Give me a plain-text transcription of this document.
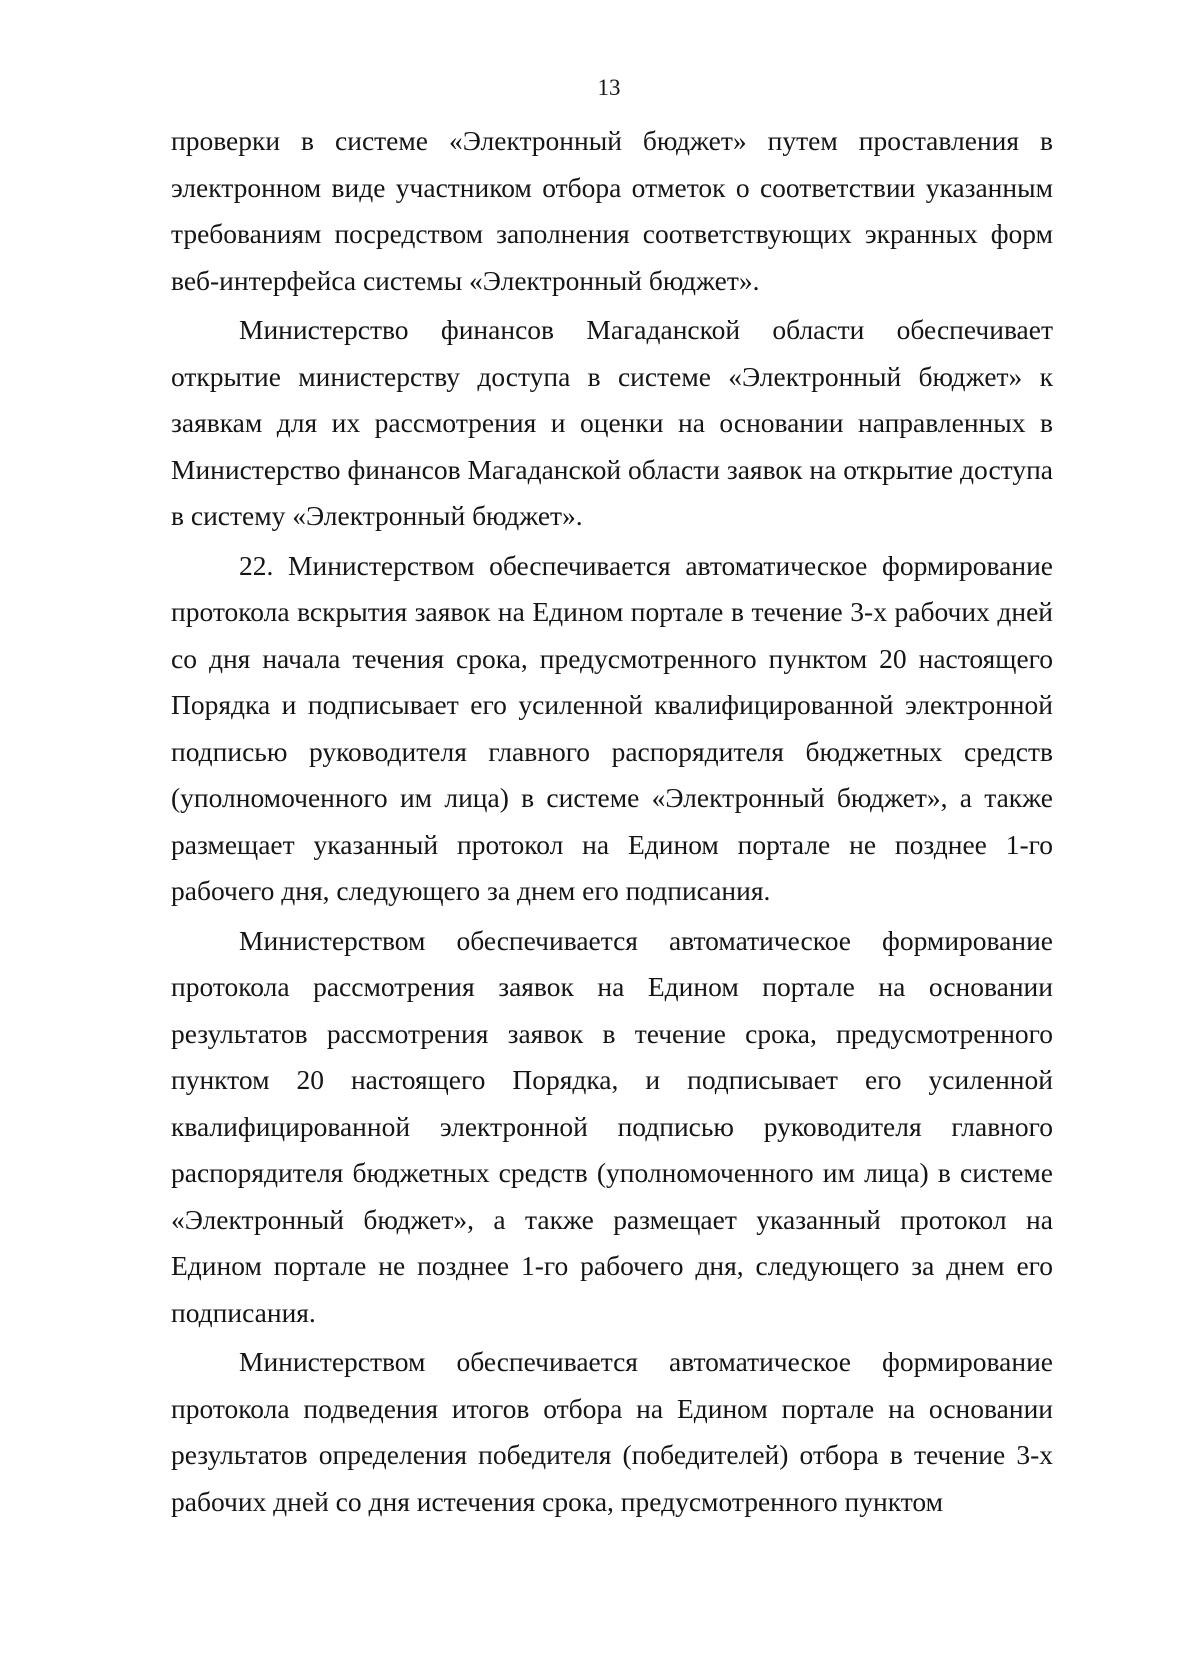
13

проверки в системе «Электронный бюджет» путем проставления в электронном виде участником отбора отметок о соответствии указанным требованиям посредством заполнения соответствующих экранных форм веб-интерфейса системы «Электронный бюджет».

Министерство финансов Магаданской области обеспечивает открытие министерству доступа в системе «Электронный бюджет» к заявкам для их рассмотрения и оценки на основании направленных в Министерство финансов Магаданской области заявок на открытие доступа в систему «Электронный бюджет».

22. Министерством обеспечивается автоматическое формирование протокола вскрытия заявок на Едином портале в течение 3-х рабочих дней со дня начала течения срока, предусмотренного пунктом 20 настоящего Порядка и подписывает его усиленной квалифицированной электронной подписью руководителя главного распорядителя бюджетных средств (уполномоченного им лица) в системе «Электронный бюджет», а также размещает указанный протокол на Едином портале не позднее 1-го рабочего дня, следующего за днем его подписания.

Министерством обеспечивается автоматическое формирование протокола рассмотрения заявок на Едином портале на основании результатов рассмотрения заявок в течение срока, предусмотренного пунктом 20 настоящего Порядка, и подписывает его усиленной квалифицированной электронной подписью руководителя главного распорядителя бюджетных средств (уполномоченного им лица) в системе «Электронный бюджет», а также размещает указанный протокол на Едином портале не позднее 1-го рабочего дня, следующего за днем его подписания.

Министерством обеспечивается автоматическое формирование протокола подведения итогов отбора на Едином портале на основании результатов определения победителя (победителей) отбора в течение 3-х рабочих дней со дня истечения срока, предусмотренного пунктом
